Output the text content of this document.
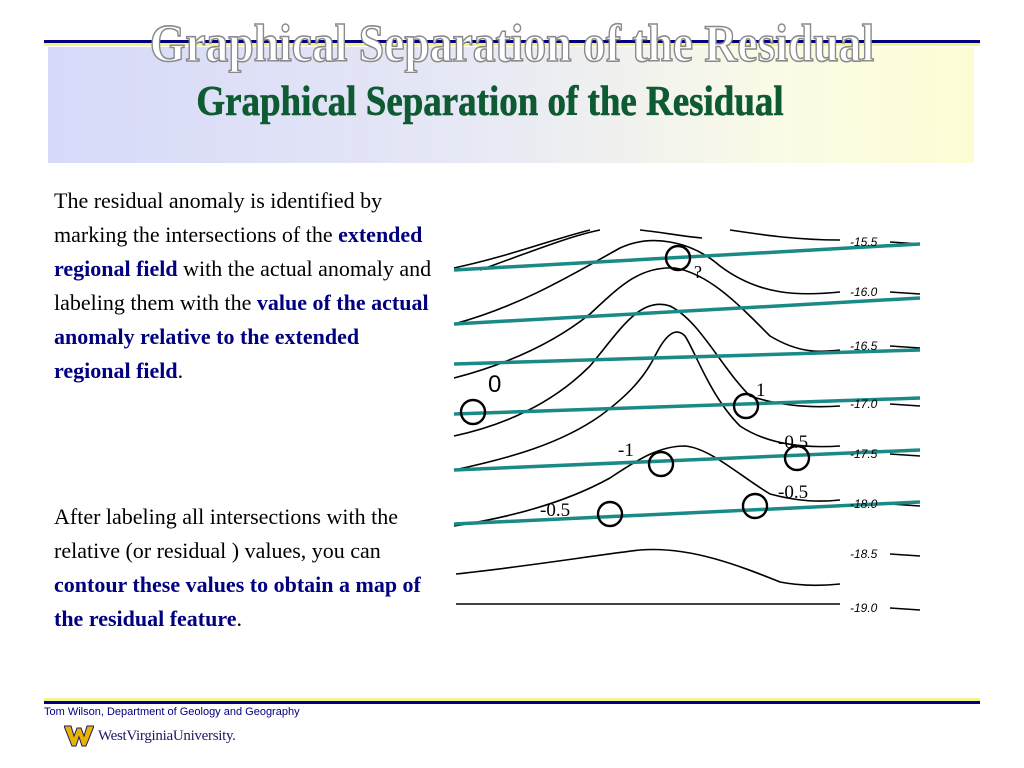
Graphical Separation of the Residual
Graphical Separation of the Residual
The residual anomaly is identified by marking the intersections of the extended regional field with the actual anomaly and labeling them with the value of the actual anomaly relative to the extended regional field.
After labeling all intersections with the relative (or residual ) values, you can contour these values to obtain a map of the residual feature.
-15.5
-16.0
-16.5
-17.0
-17.5
-18.0
-18.5
-19.0
?
0	1
-0.5
-1
-0.5
-0.5
Tom Wilson, Department of Geology and Geography
WestVirginiaUniversity.
